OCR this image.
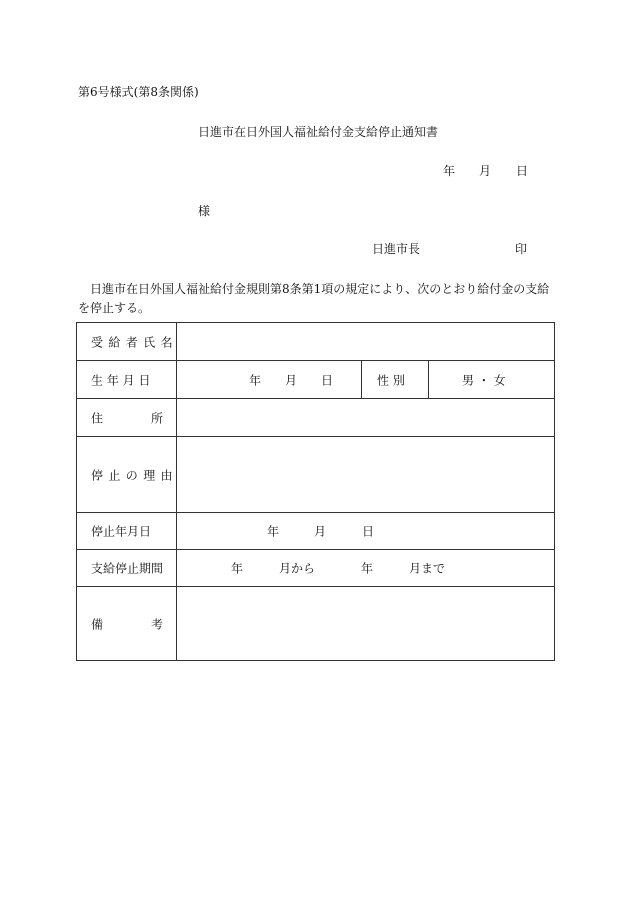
第6号様式(第8条関係)
日進市在日外国人福祉給付金支給停止通知書
年 月 日
様
日進市長	印
日進市在日外国人福祉給付金規則第8条第1項の規定により、次のとおり給付金の支給を停止する。
受給者氏名
生 年 月 日	年 月 日	性 別	男 ・ 女
住	所
停止の理由
停止年月日	年	月	日
支給停止期間	年	月から	年	月まで
備	考
